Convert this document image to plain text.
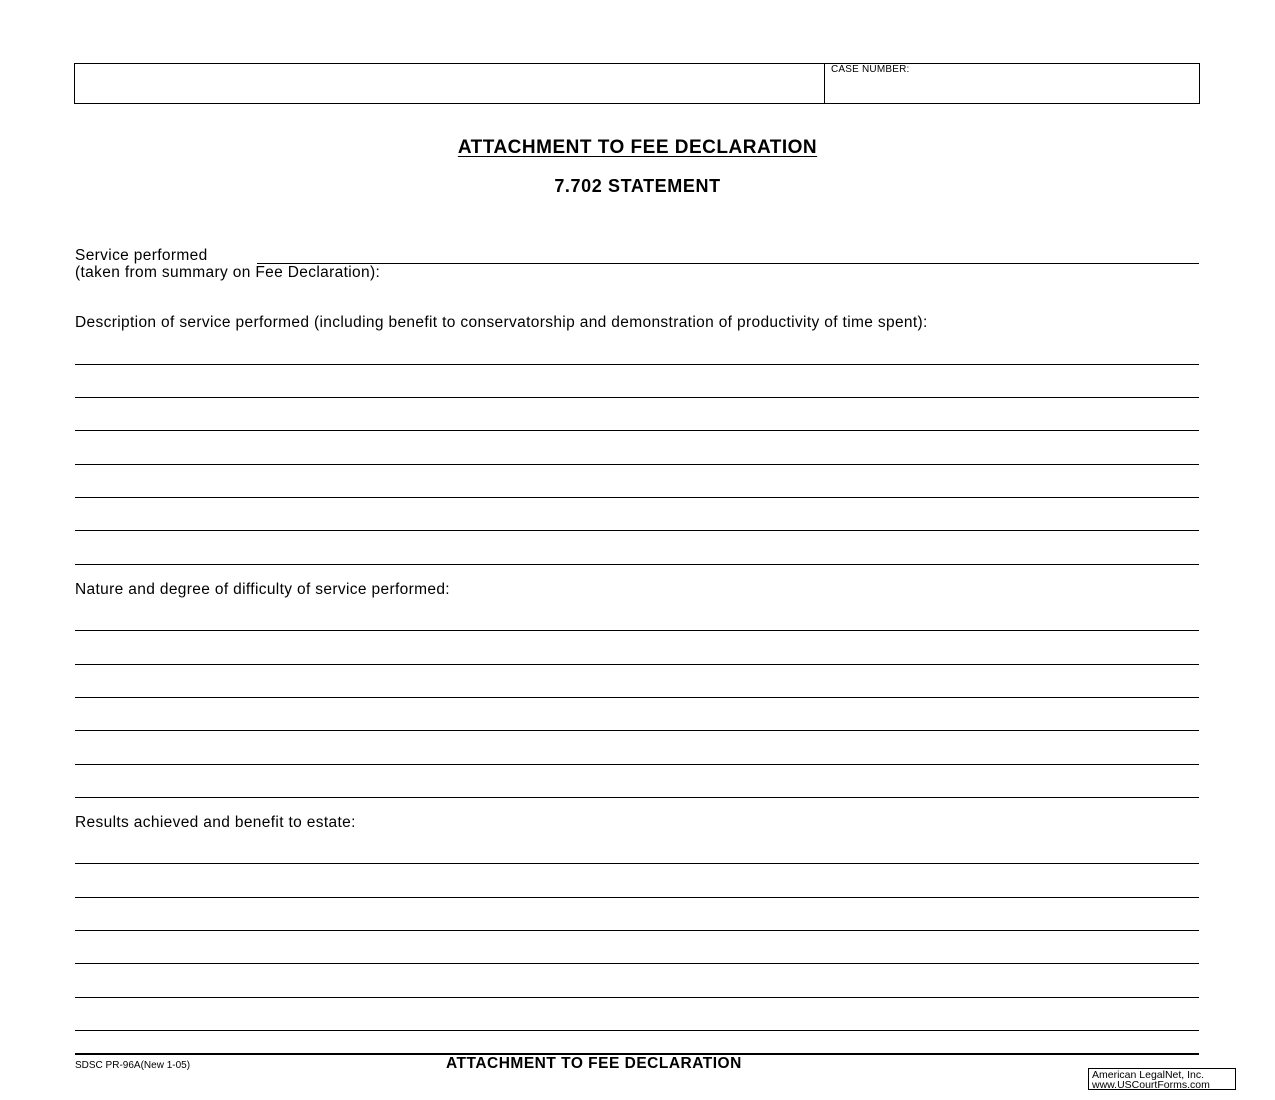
CASE NUMBER:
ATTACHMENT TO FEE DECLARATION
7.702 STATEMENT
Service performed
(taken from summary on Fee Declaration):
Description of service performed (including benefit to conservatorship and demonstration of productivity of time spent):
Nature and degree of difficulty of service performed:
Results achieved and benefit to estate:
SDSC PR-96A(New 1-05)	ATTACHMENT TO FEE DECLARATION
American LegalNet, Inc.
www.USCourtForms.com
